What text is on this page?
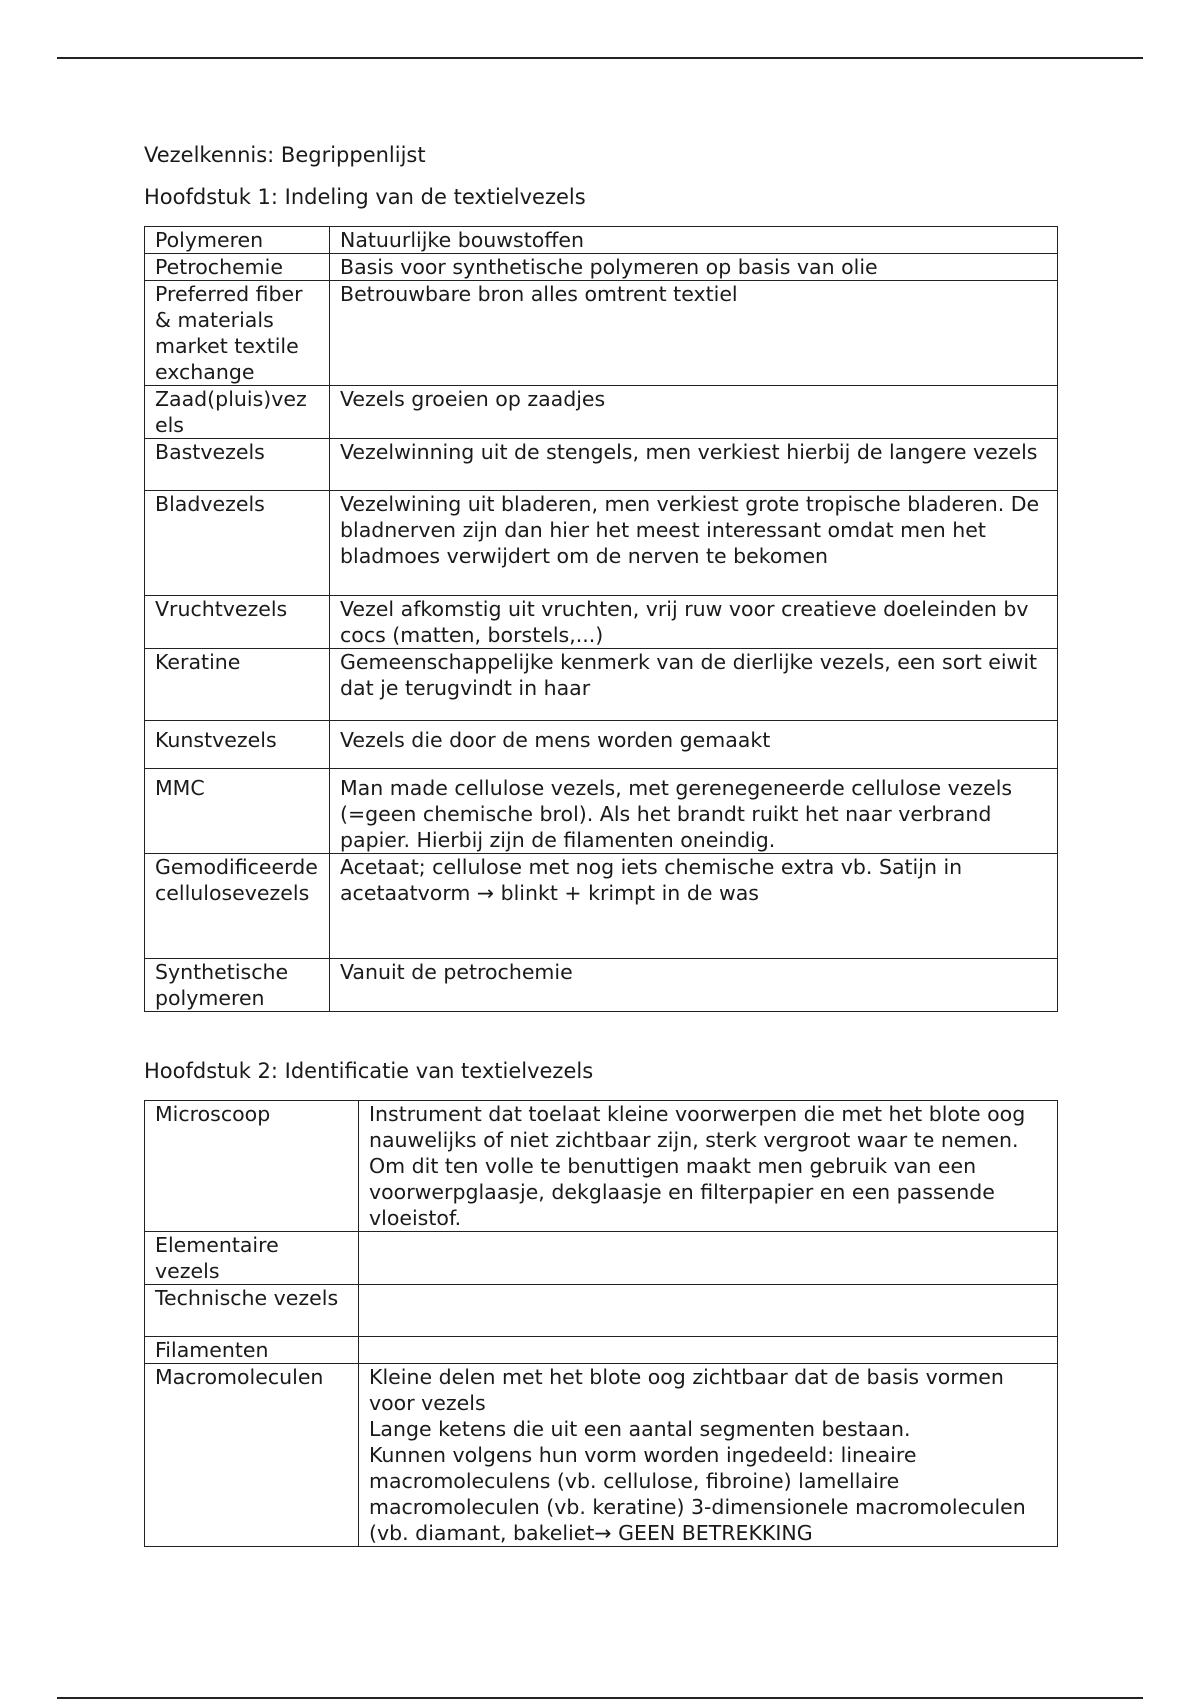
Vezelkennis: Begrippenlijst
Hoofdstuk 1: Indeling van de textielvezels
Polymeren	Natuurlijke bouwstoffen
Petrochemie	Basis voor synthetische polymeren op basis van olie
Preferred fiber & materials market textile exchange	Betrouwbare bron alles omtrent textiel
Zaad(pluis)vezels	Vezels groeien op zaadjes
Bastvezels	Vezelwinning uit de stengels, men verkiest hierbij de langere vezels
Bladvezels	Vezelwining uit bladeren, men verkiest grote tropische bladeren. De bladnerven zijn dan hier het meest interessant omdat men het bladmoes verwijdert om de nerven te bekomen
Vruchtvezels	Vezel afkomstig uit vruchten, vrij ruw voor creatieve doeleinden bv cocs (matten, borstels,...)
Keratine	Gemeenschappelijke kenmerk van de dierlijke vezels, een sort eiwit dat je terugvindt in haar
Kunstvezels	Vezels die door de mens worden gemaakt
MMC	Man made cellulose vezels, met gerenegeneerde cellulose vezels (=geen chemische brol). Als het brandt ruikt het naar verbrand papier. Hierbij zijn de filamenten oneindig.
Gemodificeerde cellulosevezels	Acetaat; cellulose met nog iets chemische extra vb. Satijn in acetaatvorm → blinkt + krimpt in de was
Synthetische polymeren	Vanuit de petrochemie
Hoofdstuk 2: Identificatie van textielvezels
Microscoop	Instrument dat toelaat kleine voorwerpen die met het blote oog nauwelijks of niet zichtbaar zijn, sterk vergroot waar te nemen. Om dit ten volle te benuttigen maakt men gebruik van een voorwerpglaasje, dekglaasje en filterpapier en een passende vloeistof.
Elementaire vezels	
Technische vezels	
Filamenten	
Macromoleculen	Kleine delen met het blote oog zichtbaar dat de basis vormen voor vezels
Lange ketens die uit een aantal segmenten bestaan.
Kunnen volgens hun vorm worden ingedeeld: lineaire macromoleculens (vb. cellulose, fibroine) lamellaire macromoleculen (vb. keratine) 3-dimensionele macromoleculen (vb. diamant, bakeliet→ GEEN BETREKKING
